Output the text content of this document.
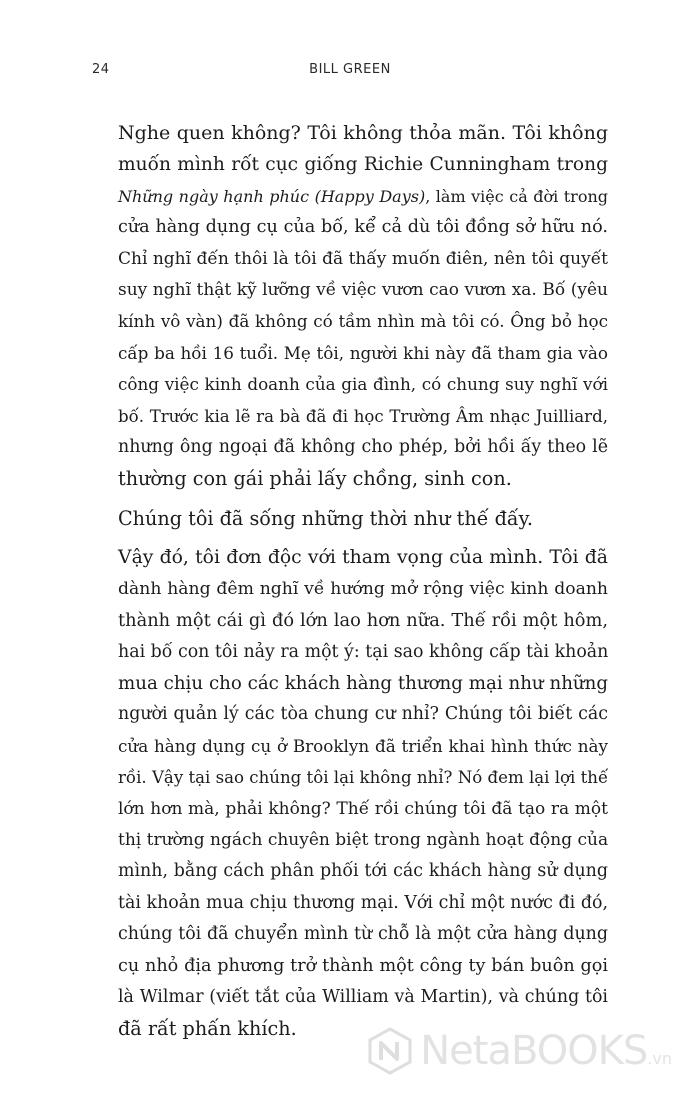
24	BILL GREEN

Nghe quen không? Tôi không thỏa mãn. Tôi không
muốn mình rốt cục giống Richie Cunningham trong
Những ngày hạnh phúc (Happy Days), làm việc cả đời trong
cửa hàng dụng cụ của bố, kể cả dù tôi đồng sở hữu nó.
Chỉ nghĩ đến thôi là tôi đã thấy muốn điên, nên tôi quyết
suy nghĩ thật kỹ lưỡng về việc vươn cao vươn xa. Bố (yêu
kính vô vàn) đã không có tầm nhìn mà tôi có. Ông bỏ học
cấp ba hồi 16 tuổi. Mẹ tôi, người khi này đã tham gia vào
công việc kinh doanh của gia đình, có chung suy nghĩ với
bố. Trước kia lẽ ra bà đã đi học Trường Âm nhạc Juilliard,
nhưng ông ngoại đã không cho phép, bởi hồi ấy theo lẽ
thường con gái phải lấy chồng, sinh con.

Chúng tôi đã sống những thời như thế đấy.

Vậy đó, tôi đơn độc với tham vọng của mình. Tôi đã
dành hàng đêm nghĩ về hướng mở rộng việc kinh doanh
thành một cái gì đó lớn lao hơn nữa. Thế rồi một hôm,
hai bố con tôi nảy ra một ý: tại sao không cấp tài khoản
mua chịu cho các khách hàng thương mại như những
người quản lý các tòa chung cư nhỉ? Chúng tôi biết các
cửa hàng dụng cụ ở Brooklyn đã triển khai hình thức này
rồi. Vậy tại sao chúng tôi lại không nhỉ? Nó đem lại lợi thế
lớn hơn mà, phải không? Thế rồi chúng tôi đã tạo ra một
thị trường ngách chuyên biệt trong ngành hoạt động của
mình, bằng cách phân phối tới các khách hàng sử dụng
tài khoản mua chịu thương mại. Với chỉ một nước đi đó,
chúng tôi đã chuyển mình từ chỗ là một cửa hàng dụng
cụ nhỏ địa phương trở thành một công ty bán buôn gọi
là Wilmar (viết tắt của William và Martin), và chúng tôi
đã rất phấn khích.	NetaBOOKS.vn
